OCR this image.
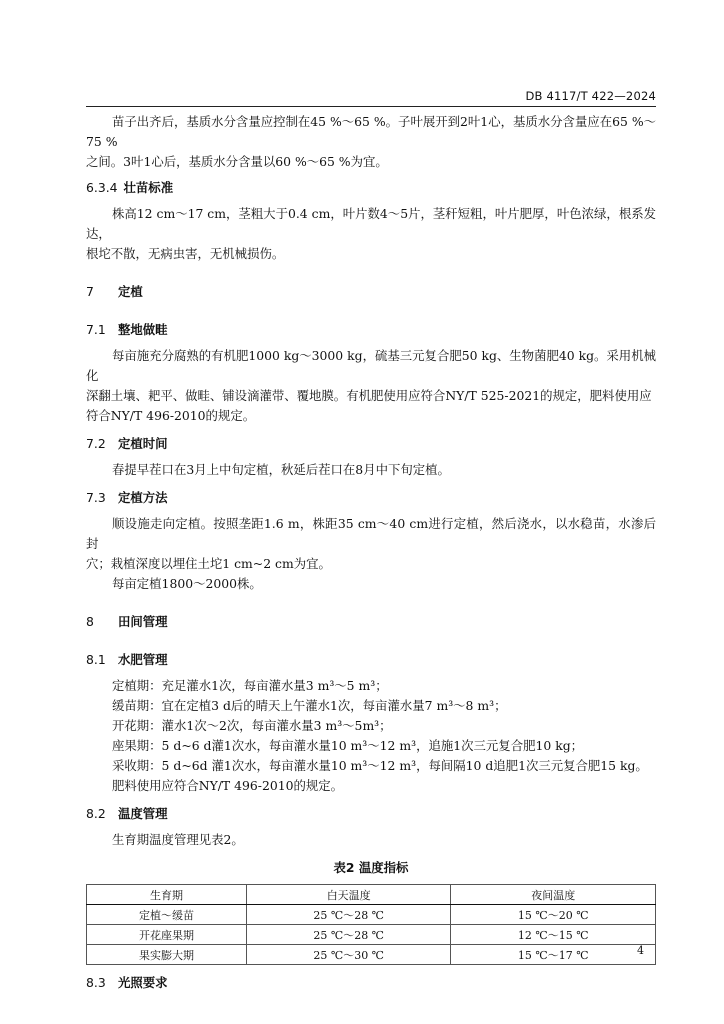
DB 4117/T 422—2024

苗子出齐后，基质水分含量应控制在45 %～65 %。子叶展开到2叶1心，基质水分含量应在65 %～75 %

之间。3叶1心后，基质水分含量以60 %～65 %为宜。

6.3.4 壮苗标准

株高12 cm～17 cm，茎粗大于0.4 cm，叶片数4～5片，茎秆短粗，叶片肥厚，叶色浓绿，根系发达，

根坨不散，无病虫害，无机械损伤。

7 定植
7.1 整地做畦

每亩施充分腐熟的有机肥1000 kg～3000 kg，硫基三元复合肥50 kg、生物菌肥40 kg。采用机械化

深翻土壤、耙平、做畦、铺设滴灌带、覆地膜。有机肥使用应符合NY/T 525-2021的规定，肥料使用应

符合NY/T 496-2010的规定。

7.2 定植时间

春提早茬口在3月上中旬定植，秋延后茬口在8月中下旬定植。

7.3 定植方法

顺设施走向定植。按照垄距1.6 m，株距35 cm～40 cm进行定植，然后浇水，以水稳苗，水渗后封

穴；栽植深度以埋住土坨1 cm~2 cm为宜。

每亩定植1800～2000株。

8 田间管理
8.1 水肥管理

定植期：充足灌水1次，每亩灌水量3 m³～5 m³；

缓苗期：宜在定植3 d后的晴天上午灌水1次，每亩灌水量7 m³～8 m³；

开花期：灌水1次～2次，每亩灌水量3 m³～5m³；

座果期：5 d~6 d灌1次水，每亩灌水量10 m³～12 m³，追施1次三元复合肥10 kg；

采收期：5 d~6d 灌1次水，每亩灌水量10 m³～12 m³，每间隔10 d追肥1次三元复合肥15 kg。

肥料使用应符合NY/T 496-2010的规定。

8.2 温度管理

生育期温度管理见表2。

表2 温度指标
生育期	白天温度	夜间温度
定植～缓苗	25 ℃～28 ℃	15 ℃～20 ℃
开花座果期	25 ℃～28 ℃	12 ℃～15 ℃
果实膨大期	25 ℃～30 ℃	15 ℃～17 ℃
8.3 光照要求
4
